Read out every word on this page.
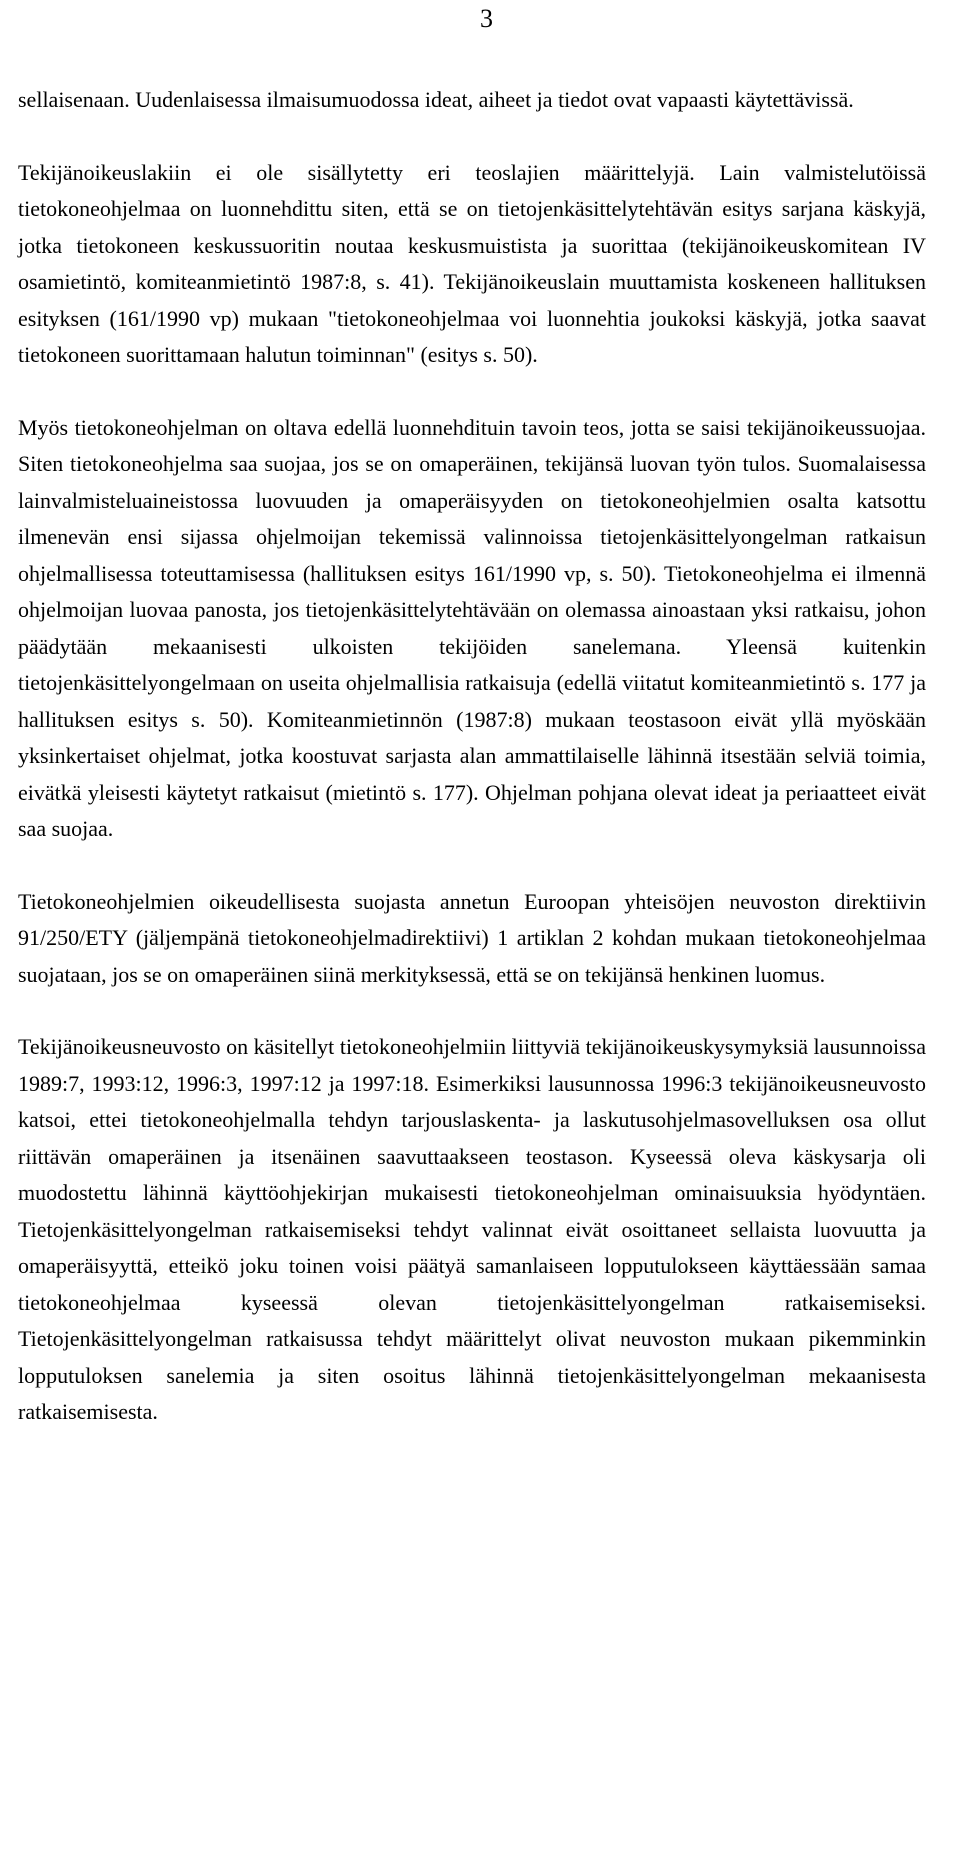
3

sellaisenaan. Uudenlaisessa ilmaisumuodossa ideat, aiheet ja tiedot ovat vapaasti käytettävissä.

Tekijänoikeuslakiin ei ole sisällytetty eri teoslajien määrittelyjä. Lain valmistelutöissä tietokoneohjelmaa on luonnehdittu siten, että se on tietojenkäsittelytehtävän esitys sarjana käskyjä, jotka tietokoneen keskussuoritin noutaa keskusmuistista ja suorittaa (tekijänoikeuskomitean IV osamietintö, komiteanmietintö 1987:8, s. 41). Tekijänoikeuslain muuttamista koskeneen hallituksen esityksen (161/1990 vp) mukaan "tietokoneohjelmaa voi luonnehtia joukoksi käskyjä, jotka saavat tietokoneen suorittamaan halutun toiminnan" (esitys s. 50).

Myös tietokoneohjelman on oltava edellä luonnehdituin tavoin teos, jotta se saisi tekijänoikeussuojaa. Siten tietokoneohjelma saa suojaa, jos se on omaperäinen, tekijänsä luovan työn tulos. Suomalaisessa lainvalmisteluaineistossa luovuuden ja omaperäisyyden on tietokoneohjelmien osalta katsottu ilmenevän ensi sijassa ohjelmoijan tekemissä valinnoissa tietojenkäsittelyongelman ratkaisun ohjelmallisessa toteuttamisessa (hallituksen esitys 161/1990 vp, s. 50). Tietokoneohjelma ei ilmennä ohjelmoijan luovaa panosta, jos tietojenkäsittelytehtävään on olemassa ainoastaan yksi ratkaisu, johon päädytään mekaanisesti ulkoisten tekijöiden sanelemana. Yleensä kuitenkin tietojenkäsittelyongelmaan on useita ohjelmallisia ratkaisuja (edellä viitatut komiteanmietintö s. 177 ja hallituksen esitys s. 50). Komiteanmietinnön (1987:8) mukaan teostasoon eivät yllä myöskään yksinkertaiset ohjelmat, jotka koostuvat sarjasta alan ammattilaiselle lähinnä itsestään selviä toimia, eivätkä yleisesti käytetyt ratkaisut (mietintö s. 177). Ohjelman pohjana olevat ideat ja periaatteet eivät saa suojaa.

Tietokoneohjelmien oikeudellisesta suojasta annetun Euroopan yhteisöjen neuvoston direktiivin 91/250/ETY (jäljempänä tietokoneohjelmadirektiivi) 1 artiklan 2 kohdan mukaan tietokoneohjelmaa suojataan, jos se on omaperäinen siinä merkityksessä, että se on tekijänsä henkinen luomus.

Tekijänoikeusneuvosto on käsitellyt tietokoneohjelmiin liittyviä tekijänoikeuskysymyksiä lausunnoissa 1989:7, 1993:12, 1996:3, 1997:12 ja 1997:18. Esimerkiksi lausunnossa 1996:3 tekijänoikeusneuvosto katsoi, ettei tietokoneohjelmalla tehdyn tarjouslaskenta- ja laskutusohjelmasovelluksen osa ollut riittävän omaperäinen ja itsenäinen saavuttaakseen teostason. Kyseessä oleva käskysarja oli muodostettu lähinnä käyttöohjekirjan mukaisesti tietokoneohjelman ominaisuuksia hyödyntäen. Tietojenkäsittelyongelman ratkaisemiseksi tehdyt valinnat eivät osoittaneet sellaista luovuutta ja omaperäisyyttä, etteikö joku toinen voisi päätyä samanlaiseen lopputulokseen käyttäessään samaa tietokoneohjelmaa kyseessä olevan tietojenkäsittelyongelman ratkaisemiseksi. Tietojenkäsittelyongelman ratkaisussa tehdyt määrittelyt olivat neuvoston mukaan pikemminkin lopputuloksen sanelemia ja siten osoitus lähinnä tietojenkäsittelyongelman mekaanisesta ratkaisemisesta.
